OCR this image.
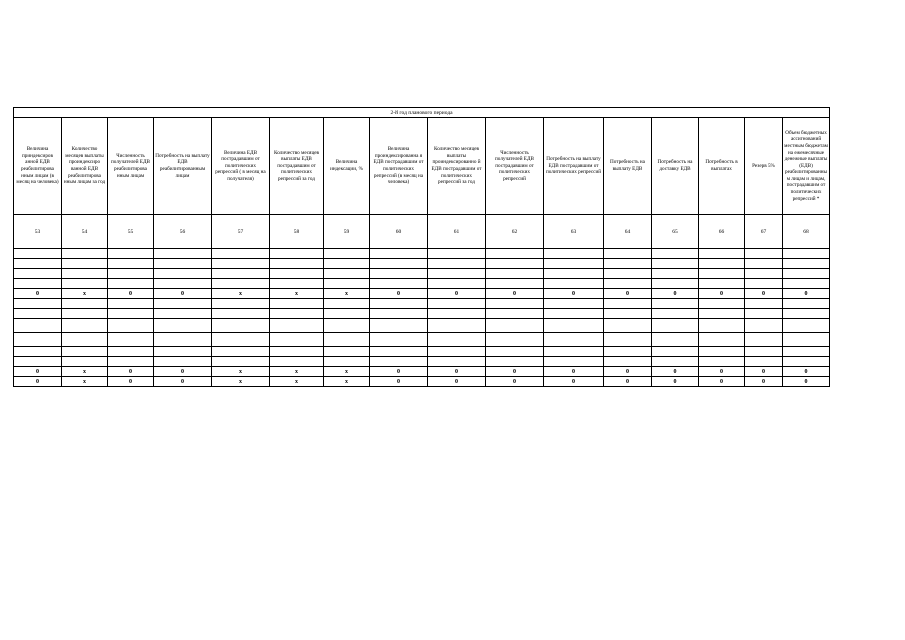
2-й год планового периода															
Величина приндексиров анной ЕДВ реабилитирова нным лицам (в месяц на человека)	Количество месяцев выплаты проиндексиро ванной ЕДВ реабилитирова нным лицам за год	Численность получателей ЕДВ реабилитирова нным лицам	Потребность на выплату ЕДВ реабилитированным лицам	Величина ЕДВ пострадавшим от политических репрессий ( в месяц на получателя)	Количество месяцев выплаты ЕДВ пострадавшим от политических репрессий за год	Величина индексации, %	Величина проиндексированна я ЕДВ пострадавшим от политических репрессий (в месяц на человека)	Количество месяцев выплаты проиндексированно й ЕДВ пострадавшим от политических репрессий за год	Численность получателей ЕДВ пострадавшим от политических репрессий	Потребность на выплату ЕДВ пострадавшим от политических репрессий	Потребность на выплату ЕДВ	Потребность на доставку ЕДВ	Потребность в выплатах	Резерв 5%	Объем бюджетных ассигнований местным бюджетам на ежемесячные денежные выплаты (ЕДВ) реабилитированным лицам и лицам, пострадавшим от политических репрессий *
53	54	55	56	57	58	59	60	61	62	63	64	65	66	67	68

0	x	0	0	x	x	x	0	0	0	0	0	0	0	0	0

0	x	0	0	x	x	x	0	0	0	0	0	0	0	0	0
0	x	0	0	x	x	x	0	0	0	0	0	0	0	0	0
